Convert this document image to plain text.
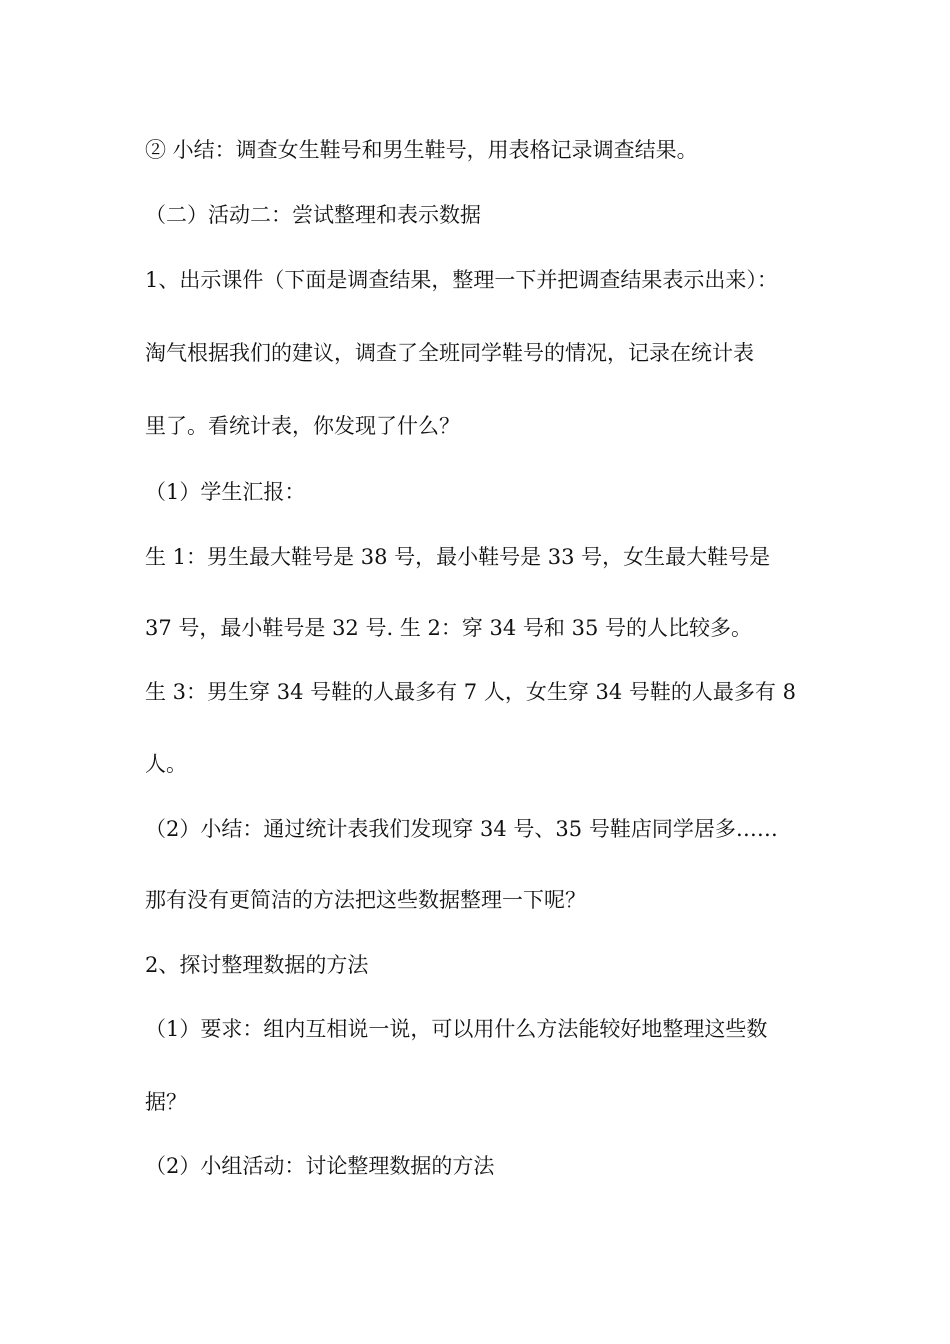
② 小结：调查女生鞋号和男生鞋号，用表格记录调查结果。
（二）活动二：尝试整理和表示数据
1、出示课件（下面是调查结果，整理一下并把调查结果表示出来）：
淘气根据我们的建议，调查了全班同学鞋号的情况，记录在统计表
里了。看统计表，你发现了什么？
（1）学生汇报：
生 1：男生最大鞋号是 38 号，最小鞋号是 33 号，女生最大鞋号是
37 号，最小鞋号是 32 号. 生 2：穿 34 号和 35 号的人比较多。
生 3：男生穿 34 号鞋的人最多有 7 人，女生穿 34 号鞋的人最多有 8
人。
（2）小结：通过统计表我们发现穿 34 号、35 号鞋店同学居多……
那有没有更简洁的方法把这些数据整理一下呢？
2、探讨整理数据的方法
（1）要求：组内互相说一说，可以用什么方法能较好地整理这些数
据？
（2）小组活动：讨论整理数据的方法
